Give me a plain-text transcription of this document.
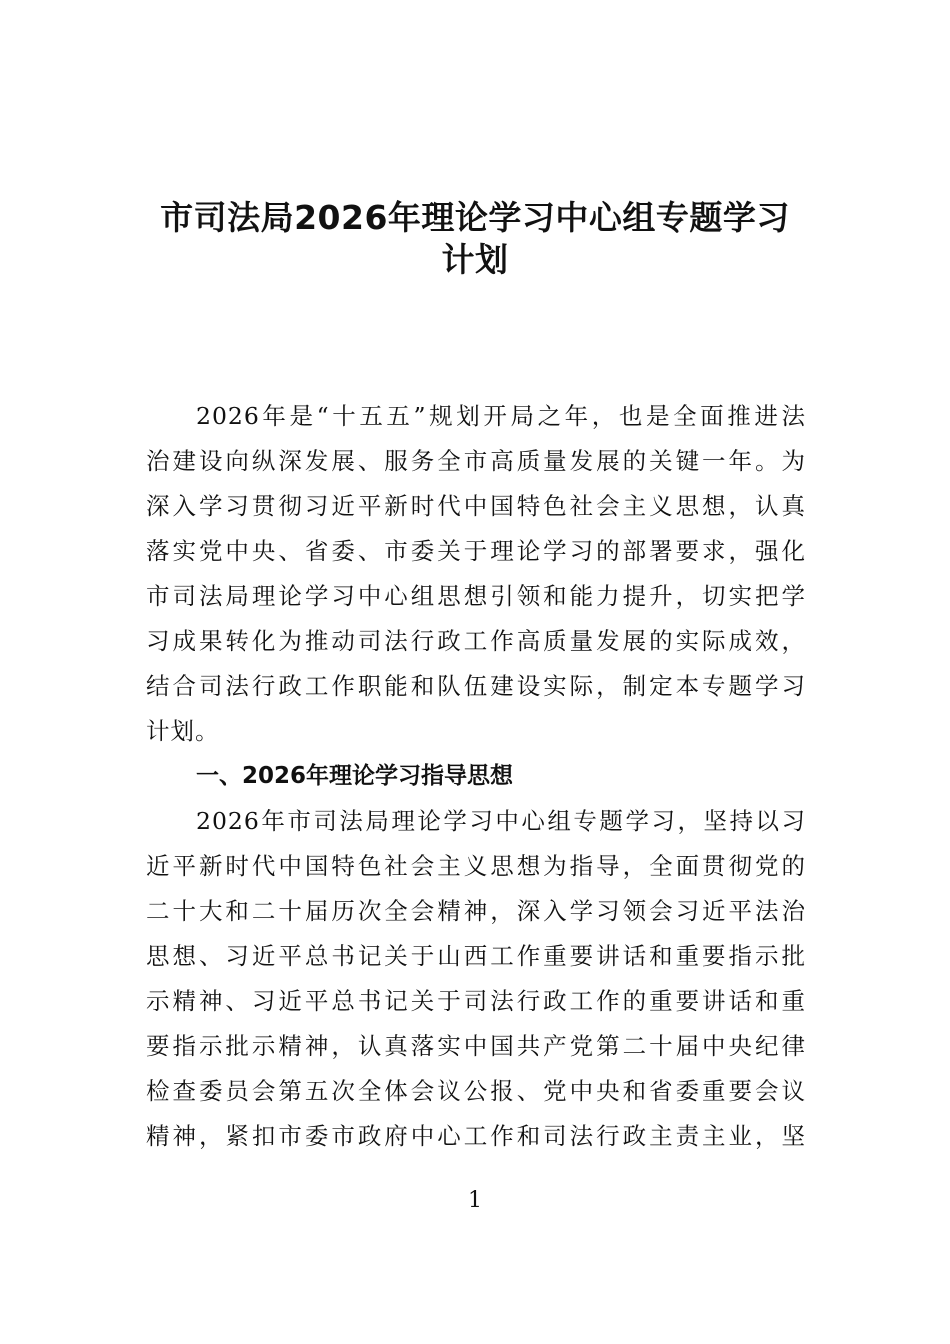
市司法局2026年理论学习中心组专题学习
计划
2026年是“十五五”规划开局之年，也是全面推进法
治建设向纵深发展、服务全市高质量发展的关键一年。为
深入学习贯彻习近平新时代中国特色社会主义思想，认真
落实党中央、省委、市委关于理论学习的部署要求，强化
市司法局理论学习中心组思想引领和能力提升，切实把学
习成果转化为推动司法行政工作高质量发展的实际成效，
结合司法行政工作职能和队伍建设实际，制定本专题学习
计划。
一、2026年理论学习指导思想
2026年市司法局理论学习中心组专题学习，坚持以习
近平新时代中国特色社会主义思想为指导，全面贯彻党的
二十大和二十届历次全会精神，深入学习领会习近平法治
思想、习近平总书记关于山西工作重要讲话和重要指示批
示精神、习近平总书记关于司法行政工作的重要讲话和重
要指示批示精神，认真落实中国共产党第二十届中央纪律
检查委员会第五次全体会议公报、党中央和省委重要会议
精神，紧扣市委市政府中心工作和司法行政主责主业，坚
1
